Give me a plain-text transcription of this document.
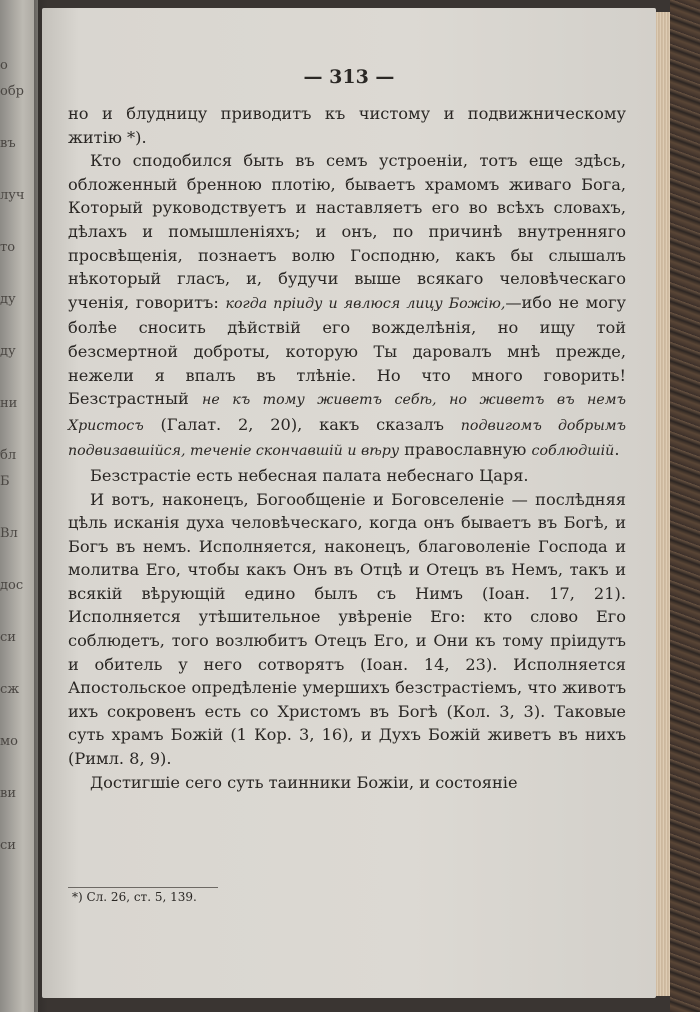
о
обр
въ
луч
то
ду
ду
ни
бл
Б
Вл
дос
си
сж
мо
ви
си
— 313 —

но и блудницу приводитъ къ чистому и подвижническому житію *).

Кто сподобился быть въ семъ устроеніи, тотъ еще здѣсь, обложенный бренною плотію, бываетъ храмомъ живаго Бога, Который руководствуетъ и наставляетъ его во всѣхъ словахъ, дѣлахъ и помышленіяхъ; и онъ, по причинѣ внутренняго просвѣщенія, познаетъ волю Господню, какъ бы слышалъ нѣкоторый гласъ, и, будучи выше всякаго человѣческаго ученія, говоритъ: когда пріиду и явлюся лицу Божію,—ибо не могу болѣе сносить дѣйствій его вожделѣнія, но ищу той безсмертной доброты, которую Ты даровалъ мнѣ прежде, нежели я впалъ въ тлѣніе. Но что много говорить! Безстрастный не къ тому живетъ себѣ, но живетъ въ немъ Христосъ (Галат. 2, 20), какъ сказалъ подвигомъ добрымъ подвизавшійся, теченіе скончавшій и вѣру православную соблюдшій.

Безстрастіе есть небесная палата небеснаго Царя.

И вотъ, наконецъ, Богообщеніе и Боговселеніе — послѣдняя цѣль исканія духа человѣческаго, когда онъ бываетъ въ Богѣ, и Богъ въ немъ. Исполняется, наконецъ, благоволеніе Господа и молитва Его, чтобы какъ Онъ въ Отцѣ и Отецъ въ Немъ, такъ и всякій вѣрующій едино былъ съ Нимъ (Іоан. 17, 21). Исполняется утѣшительное увѣреніе Его: кто слово Его соблюдетъ, того возлюбитъ Отецъ Его, и Они къ тому пріидутъ и обитель у него сотворятъ (Іоан. 14, 23). Исполняется Апостольское опредѣленіе умершихъ безстрастіемъ, что животъ ихъ сокровенъ есть со Христомъ въ Богѣ (Кол. 3, 3). Таковые суть храмъ Божій (1 Кор. 3, 16), и Духъ Божій живетъ въ нихъ (Римл. 8, 9).

Достигшіе сего суть таинники Божіи, и состояніе

*) Сл. 26, ст. 5, 139.
